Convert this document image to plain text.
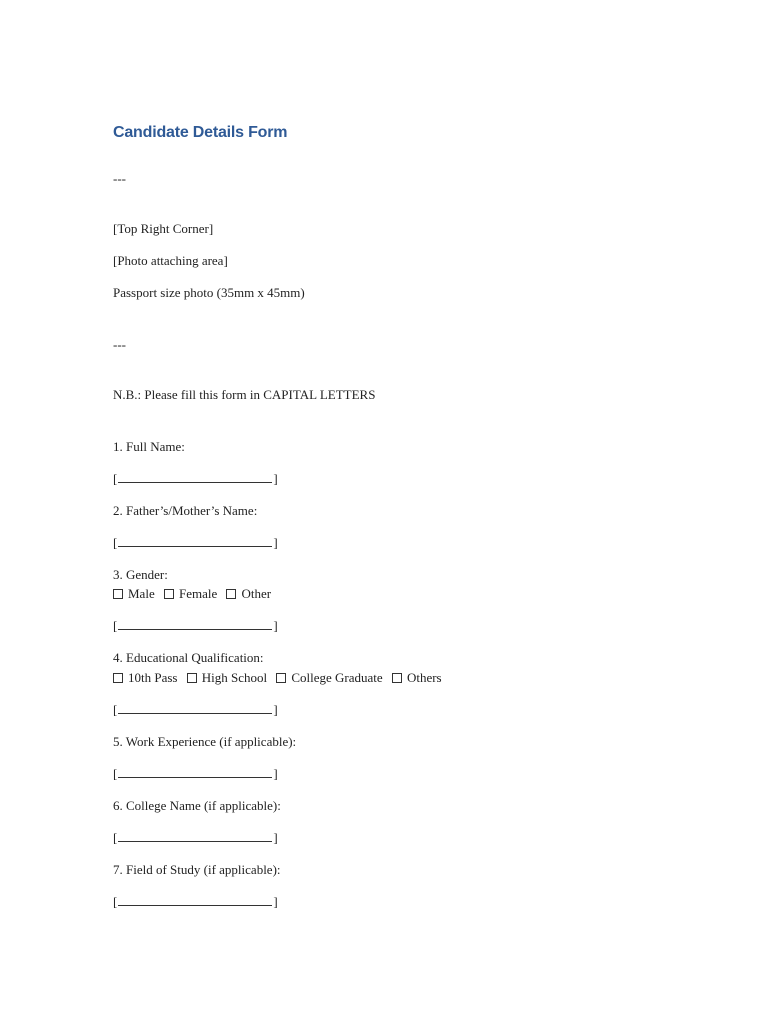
Candidate Details Form
---
[Top Right Corner]
[Photo attaching area]
Passport size photo (35mm x 45mm)
---
N.B.: Please fill this form in CAPITAL LETTERS
1. Full Name:
[	]
2. Father’s/Mother’s Name:
[	]
3. Gender:
Male Female Other
[	]
4. Educational Qualification:
10th Pass High School College Graduate Others
[	]
5. Work Experience (if applicable):
[	]
6. College Name (if applicable):
[	]
7. Field of Study (if applicable):
[	]
